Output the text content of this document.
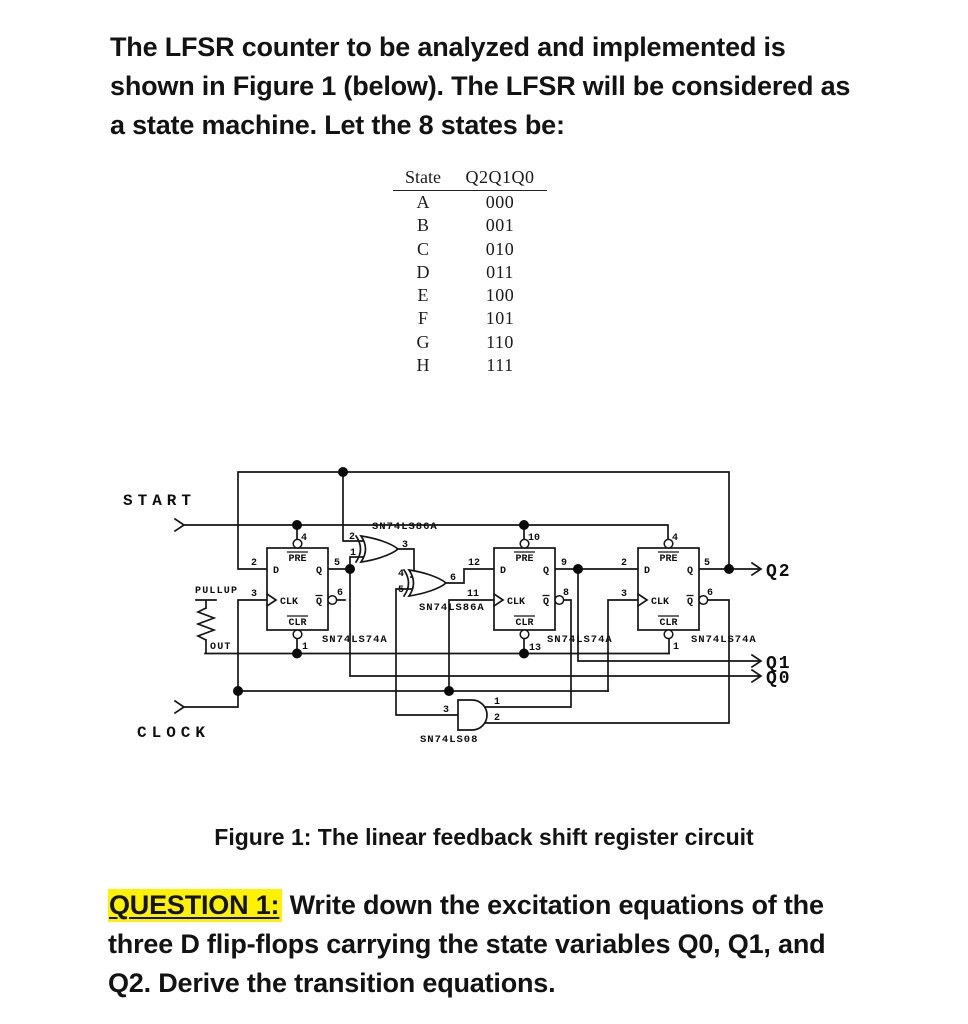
The LFSR counter to be analyzed and implemented is
shown in Figure 1 (below). The LFSR will be considered as
a state machine. Let the 8 states be:
State	Q2Q1Q0
A	000
B	001
C	010
D	011
E	100
F	101
G	110
H	111
PRE
D
CLK
Q
Q
CLR
PRE
D
CLK
Q
Q
CLR
PRE
D
CLK
Q
Q
CLR
START
CLOCK
PULLUP
OUT
Q2
Q1
Q0
SN74LS86A
SN74LS86A
SN74LS74A	SN74LS74A	SN74LS74A
SN74LS08
2
3
4
5
6
1
12
11
10
9
8
13
2
3
4
5
6
1
2
1
3
4
5
6
3
1
2
Figure 1: The linear feedback shift register circuit
QUESTION 1: Write down the excitation equations of the
three D flip-flops carrying the state variables Q0, Q1, and
Q2. Derive the transition equations.
